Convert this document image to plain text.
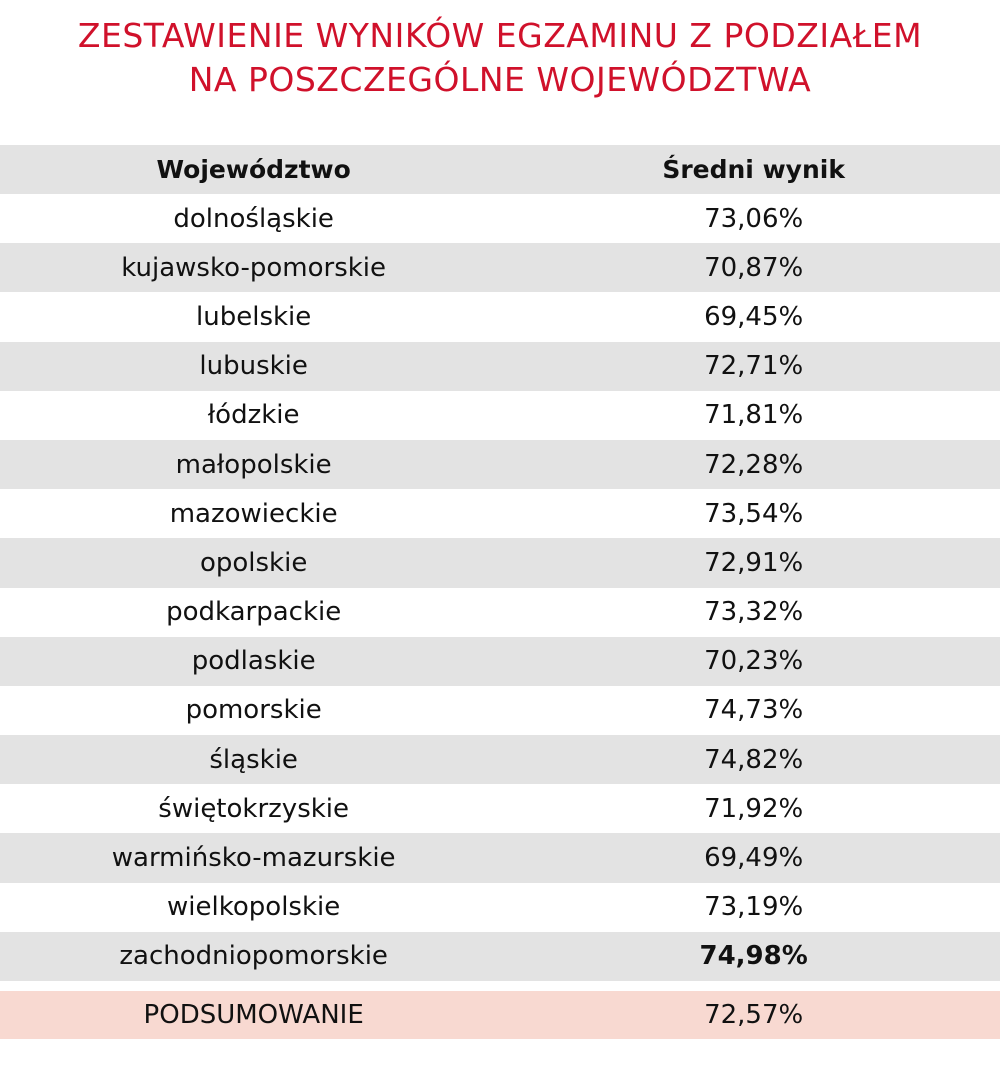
ZESTAWIENIE WYNIKÓW EGZAMINU Z PODZIAŁEM
NA POSZCZEGÓLNE WOJEWÓDZTWA
Województwo	Średni wynik
dolnośląskie	73,06%
kujawsko-pomorskie	70,87%
lubelskie	69,45%
lubuskie	72,71%
łódzkie	71,81%
małopolskie	72,28%
mazowieckie	73,54%
opolskie	72,91%
podkarpackie	73,32%
podlaskie	70,23%
pomorskie	74,73%
śląskie	74,82%
świętokrzyskie	71,92%
warmińsko-mazurskie	69,49%
wielkopolskie	73,19%
zachodniopomorskie	74,98%
PODSUMOWANIE	72,57%
